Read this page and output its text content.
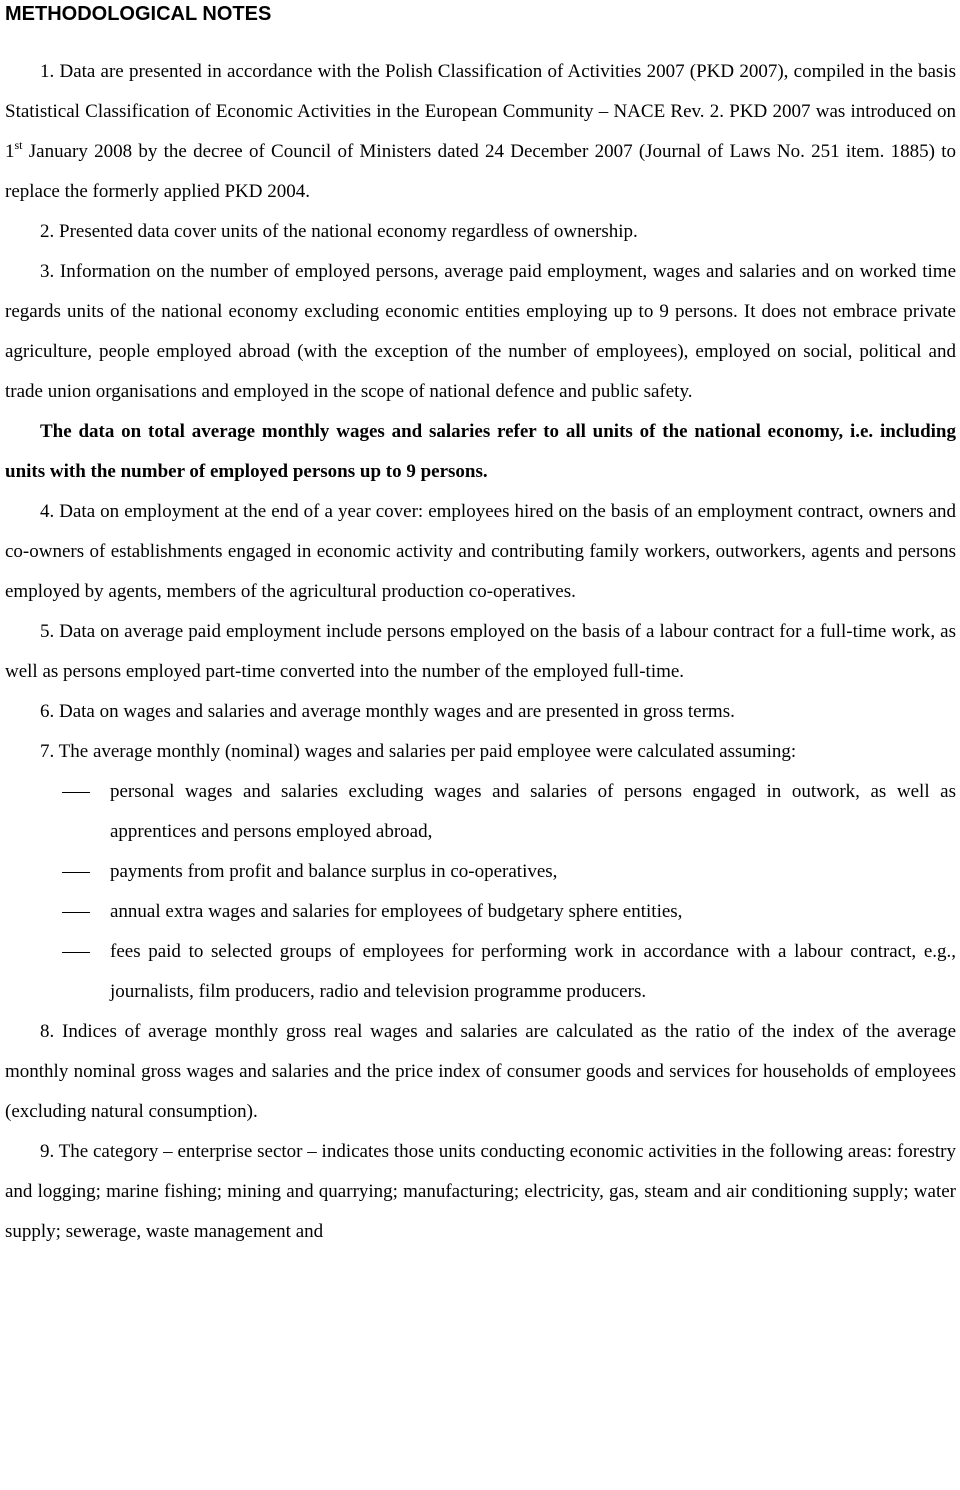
METHODOLOGICAL NOTES

1. Data are presented in accordance with the Polish Classification of Activities 2007 (PKD 2007), compiled in the basis Statistical Classification of Economic Activities in the European Community – NACE Rev. 2. PKD 2007 was introduced on 1st January 2008 by the decree of Council of Ministers dated 24 December 2007 (Journal of Laws No. 251 item. 1885) to replace the formerly applied PKD 2004.

2. Presented data cover units of the national economy regardless of ownership.

3. Information on the number of employed persons, average paid employment, wages and salaries and on worked time regards units of the national economy excluding economic entities employing up to 9 persons. It does not embrace private agriculture, people employed abroad (with the exception of the number of employees), employed on social, political and trade union organisations and employed in the scope of national defence and public safety.

The data on total average monthly wages and salaries refer to all units of the national economy, i.e. including units with the number of employed persons up to 9 persons.

4. Data on employment at the end of a year cover: employees hired on the basis of an employment contract, owners and co-owners of establishments engaged in economic activity and contributing family workers, outworkers, agents and persons employed by agents, members of the agricultural production co-operatives.

5. Data on average paid employment include persons employed on the basis of a labour contract for a full-time work, as well as persons employed part-time converted into the number of the employed full-time.

6. Data on wages and salaries and average monthly wages and are presented in gross terms.

7. The average monthly (nominal) wages and salaries per paid employee were calculated assuming:

personal wages and salaries excluding wages and salaries of persons engaged in outwork, as well as apprentices and persons employed abroad,
payments from profit and balance surplus in co-operatives,
annual extra wages and salaries for employees of budgetary sphere entities,
fees paid to selected groups of employees for performing work in accordance with a labour contract, e.g., journalists, film producers, radio and television programme producers.

8. Indices of average monthly gross real wages and salaries are calculated as the ratio of the index of the average monthly nominal gross wages and salaries and the price index of consumer goods and services for households of employees (excluding natural consumption).

9. The category – enterprise sector – indicates those units conducting economic activities in the following areas: forestry and logging; marine fishing; mining and quarrying; manufacturing; electricity, gas, steam and air conditioning supply; water supply; sewerage, waste management and
